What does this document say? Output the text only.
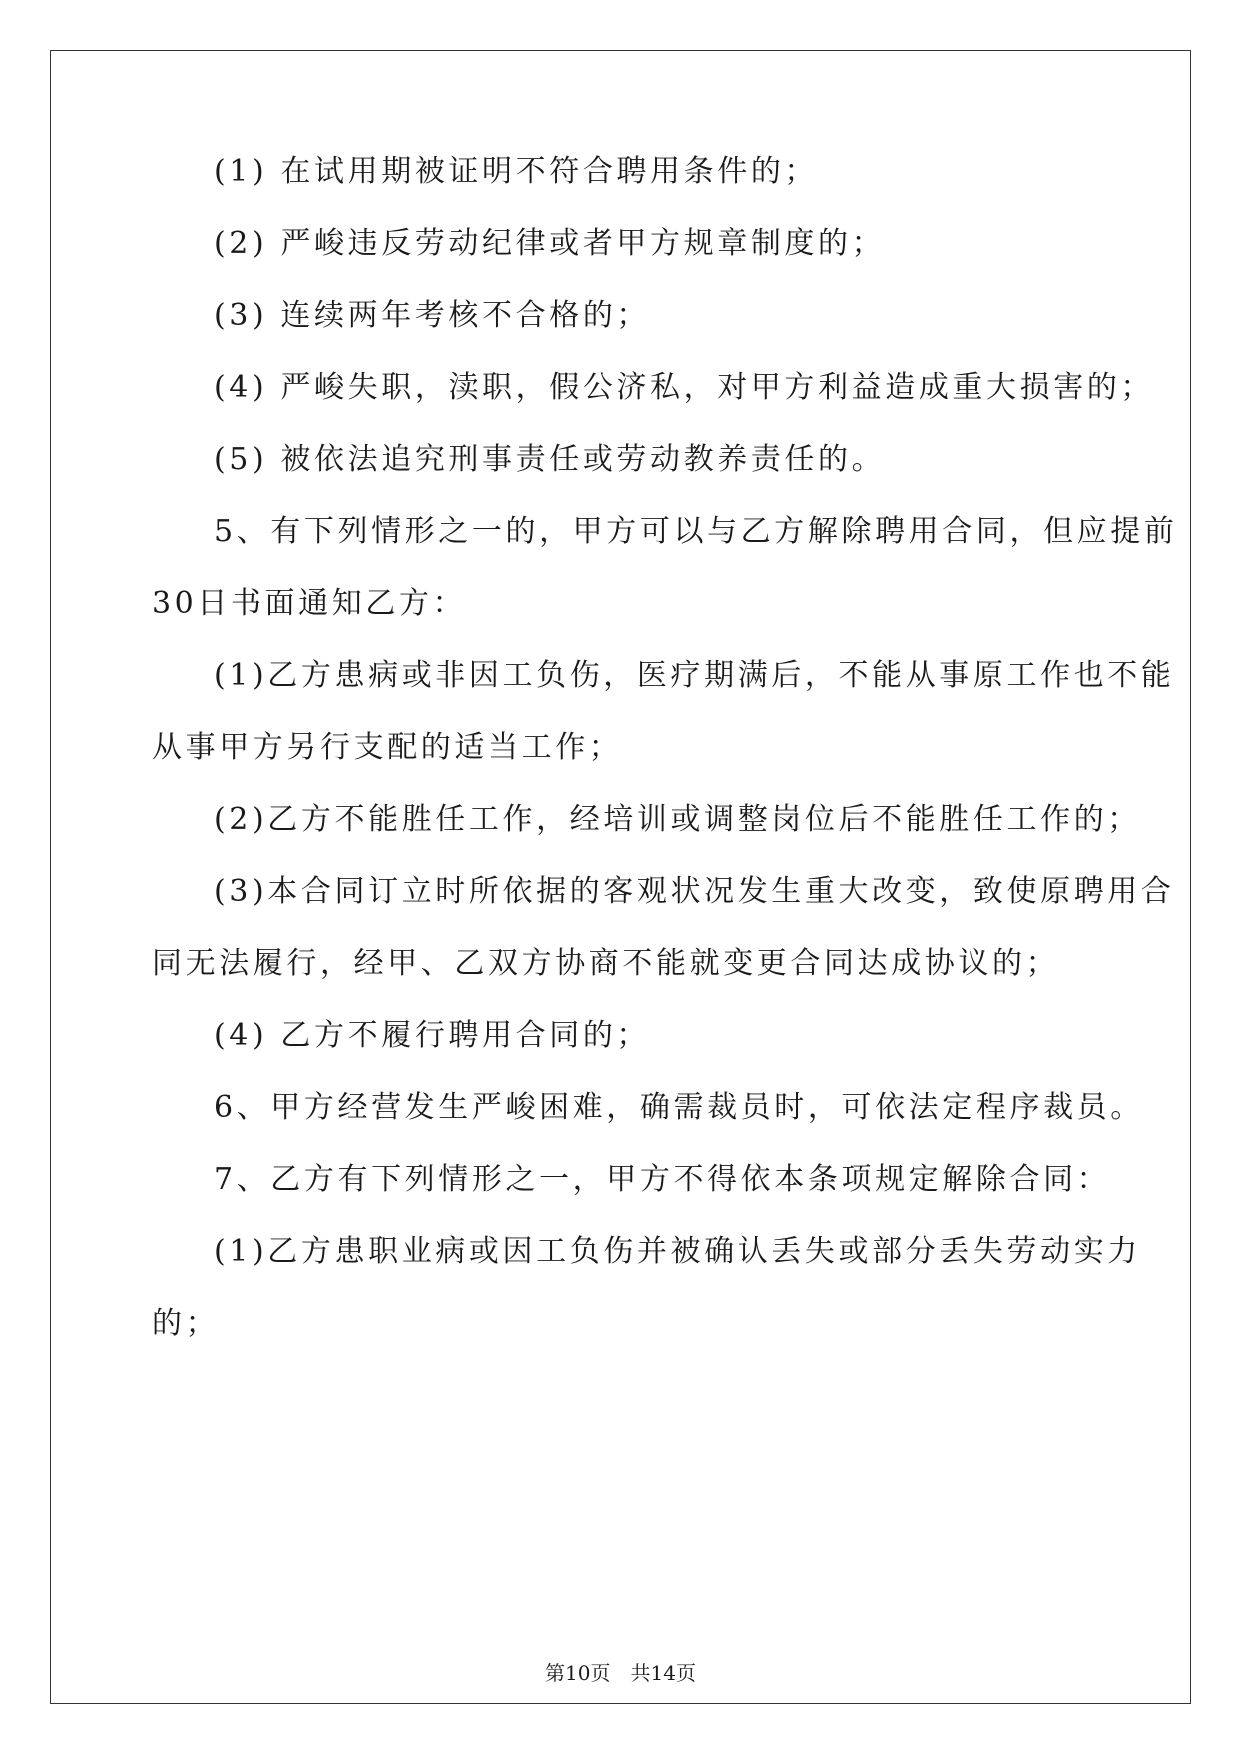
(1) 在试用期被证明不符合聘用条件的；
(2) 严峻违反劳动纪律或者甲方规章制度的；
(3) 连续两年考核不合格的；
(4) 严峻失职，渎职，假公济私，对甲方利益造成重大损害的；
(5) 被依法追究刑事责任或劳动教养责任的。
5、有下列情形之一的，甲方可以与乙方解除聘用合同，但应提前
30日书面通知乙方：
(1)乙方患病或非因工负伤，医疗期满后，不能从事原工作也不能
从事甲方另行支配的适当工作；
(2)乙方不能胜任工作，经培训或调整岗位后不能胜任工作的；
(3)本合同订立时所依据的客观状况发生重大改变，致使原聘用合
同无法履行，经甲、乙双方协商不能就变更合同达成协议的；
(4) 乙方不履行聘用合同的；
6、甲方经营发生严峻困难，确需裁员时，可依法定程序裁员。
7、乙方有下列情形之一，甲方不得依本条项规定解除合同：
(1)乙方患职业病或因工负伤并被确认丢失或部分丢失劳动实力
的；
第10页 共14页
